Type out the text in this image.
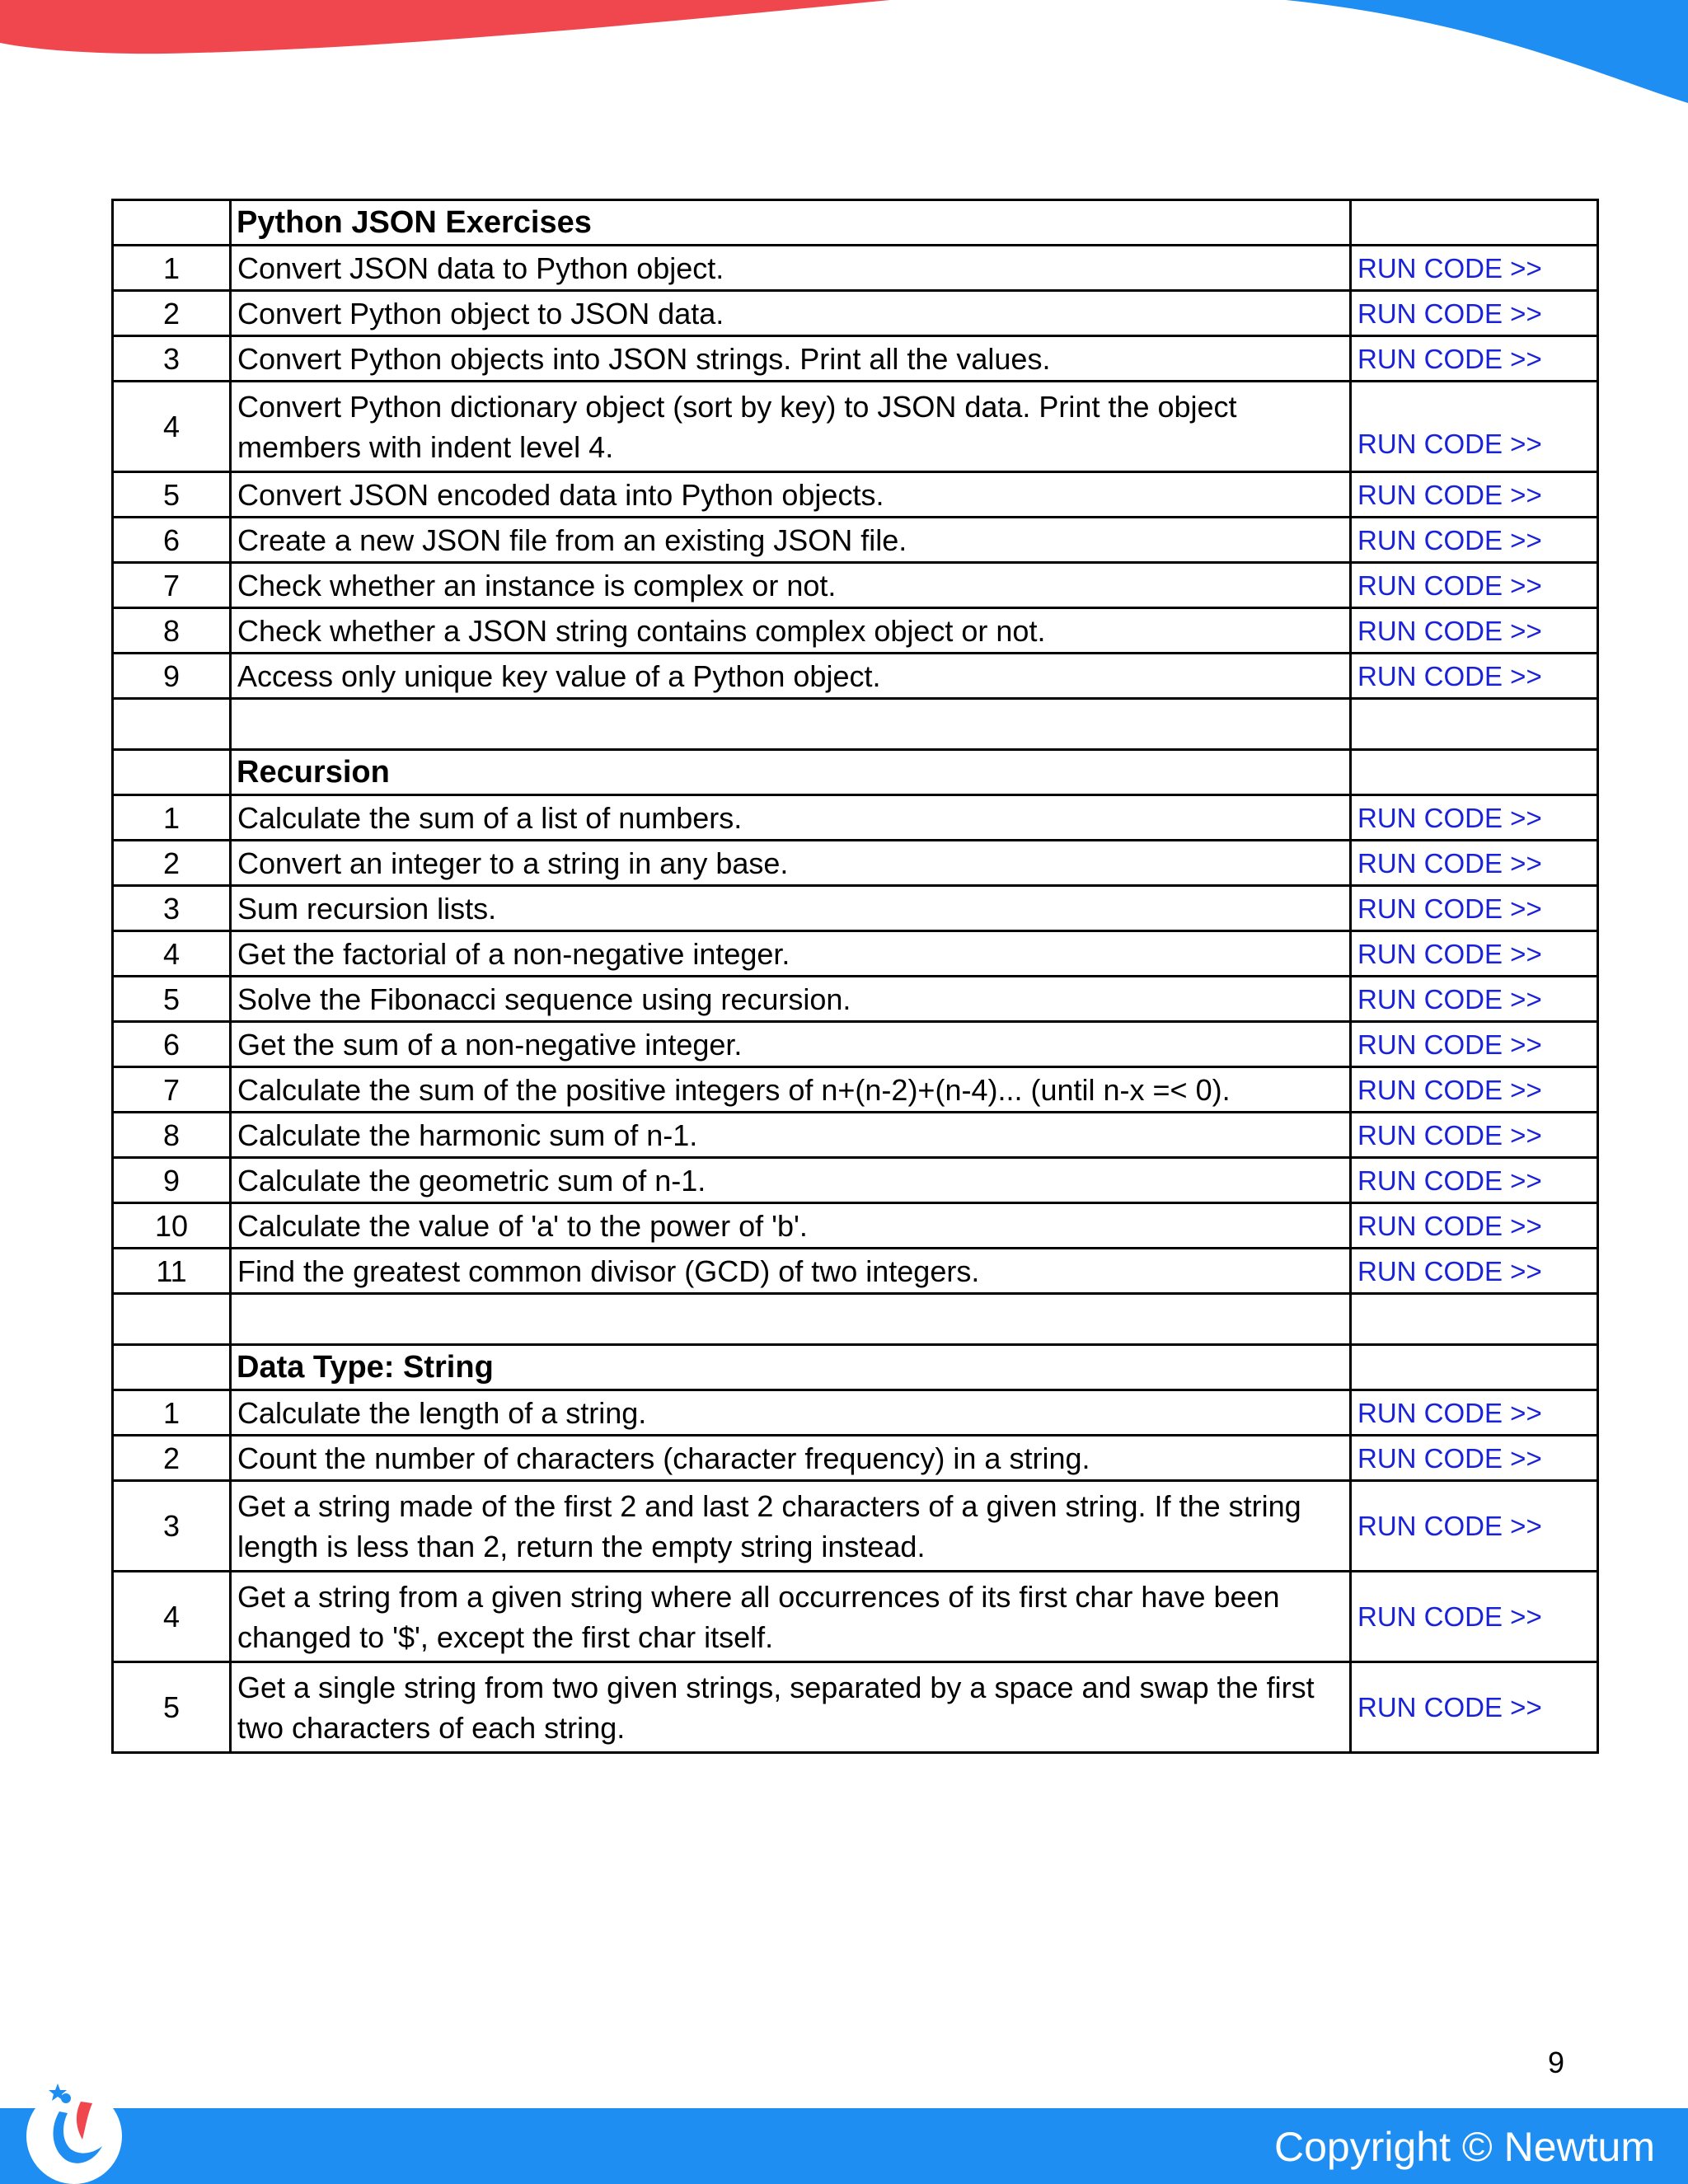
	Python JSON Exercises	
1	Convert JSON data to Python object.	RUN CODE >>
2	Convert Python object to JSON data.	RUN CODE >>
3	Convert Python objects into JSON strings. Print all the values.	RUN CODE >>
4	Convert Python dictionary object (sort by key) to JSON data. Print the object members with indent level 4.	RUN CODE >>
5	Convert JSON encoded data into Python objects.	RUN CODE >>
6	Create a new JSON file from an existing JSON file.	RUN CODE >>
7	Check whether an instance is complex or not.	RUN CODE >>
8	Check whether a JSON string contains complex object or not.	RUN CODE >>
9	Access only unique key value of a Python object.	RUN CODE >>

	Recursion	
1	Calculate the sum of a list of numbers.	RUN CODE >>
2	Convert an integer to a string in any base.	RUN CODE >>
3	Sum recursion lists.	RUN CODE >>
4	Get the factorial of a non-negative integer.	RUN CODE >>
5	Solve the Fibonacci sequence using recursion.	RUN CODE >>
6	Get the sum of a non-negative integer.	RUN CODE >>
7	Calculate the sum of the positive integers of n+(n-2)+(n-4)... (until n-x =< 0).	RUN CODE >>
8	Calculate the harmonic sum of n-1.	RUN CODE >>
9	Calculate the geometric sum of n-1.	RUN CODE >>
10	Calculate the value of 'a' to the power of 'b'.	RUN CODE >>
11	Find the greatest common divisor (GCD) of two integers.	RUN CODE >>

	Data Type: String	
1	Calculate the length of a string.	RUN CODE >>
2	Count the number of characters (character frequency) in a string.	RUN CODE >>
3	Get a string made of the first 2 and last 2 characters of a given string. If the string length is less than 2, return the empty string instead.	RUN CODE >>
4	Get a string from a given string where all occurrences of its first char have been changed to '$', except the first char itself.	RUN CODE >>
5	Get a single string from two given strings, separated by a space and swap the first two characters of each string.	RUN CODE >>
9
Copyright © Newtum
